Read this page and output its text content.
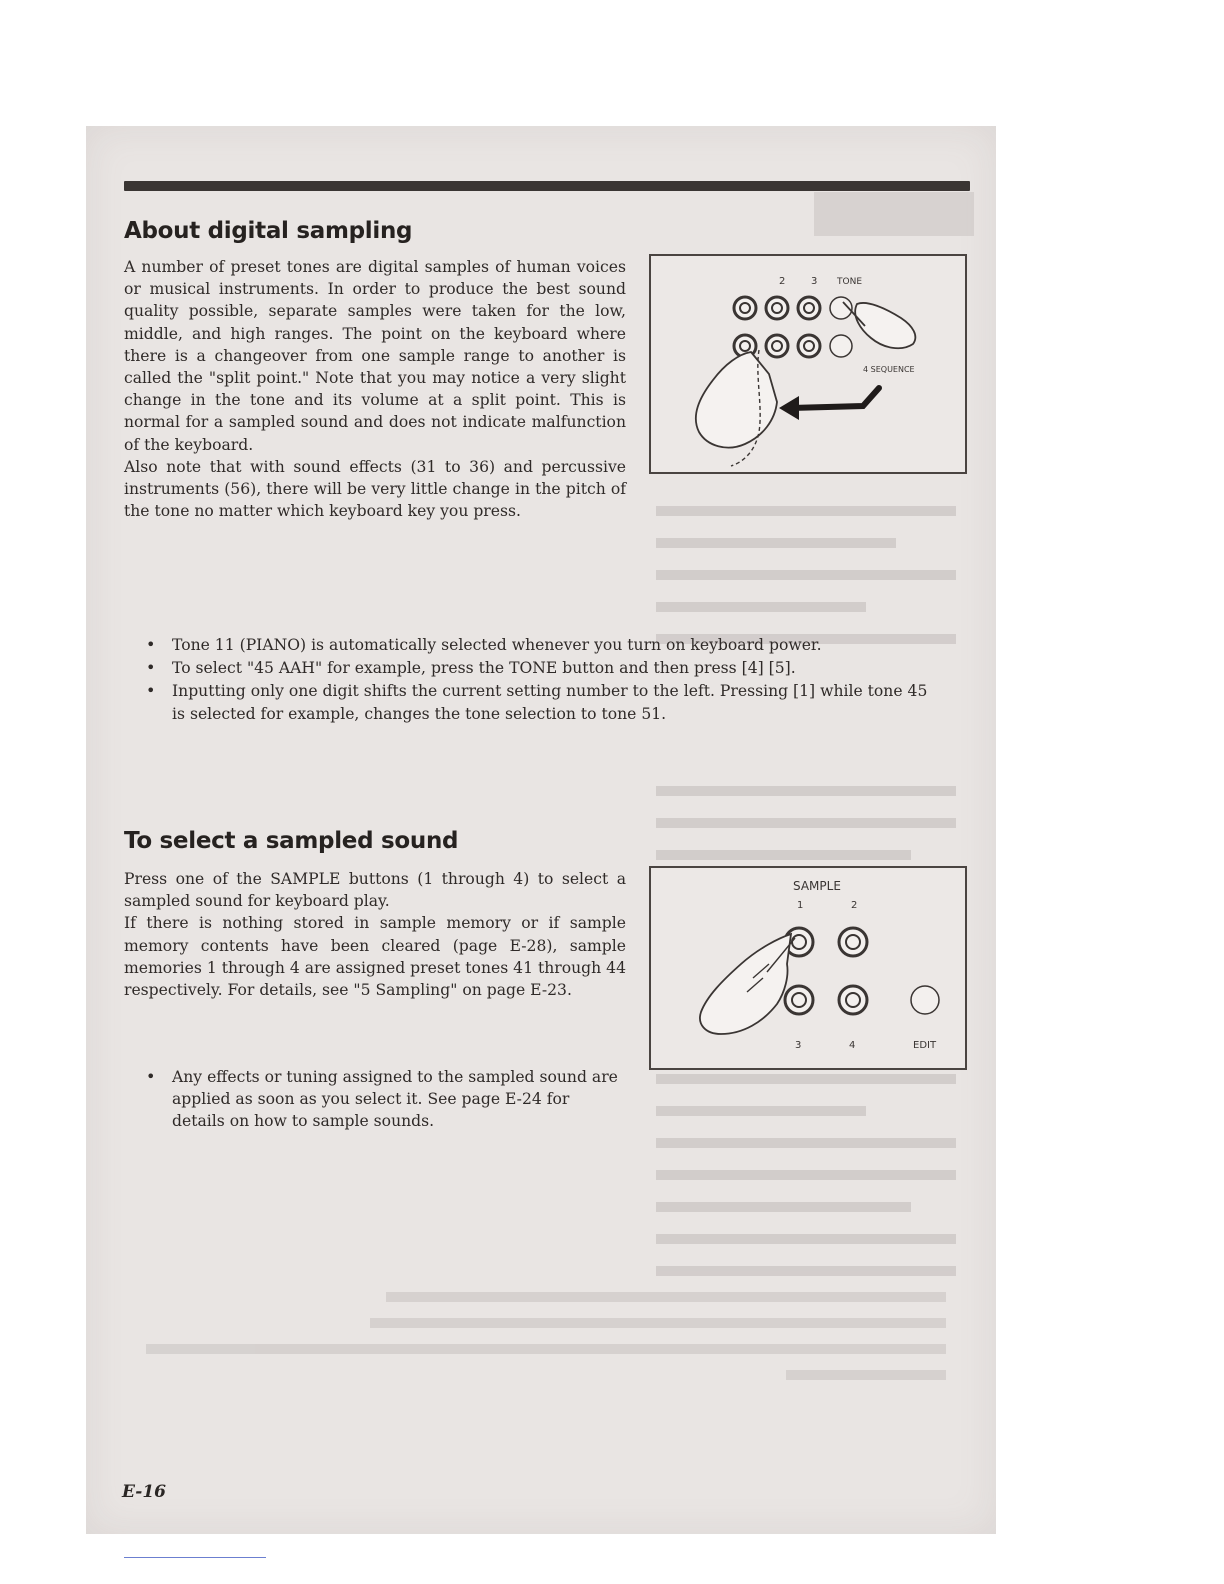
About digital sampling

A number of preset tones are digital samples of human voices or musical instruments. In order to produce the best sound quality possible, separate samples were taken for the low, middle, and high ranges. The point on the keyboard where there is a changeover from one sample range to another is called the "split point." Note that you may notice a very slight change in the tone and its volume at a split point. This is normal for a sampled sound and does not indicate malfunction of the keyboard.

Also note that with sound effects (31 to 36) and percussive instruments (56), there will be very little change in the pitch of the tone no matter which keyboard key you press.

• Tone 11 (PIANO) is automatically selected whenever you turn on keyboard power.
• To select "45 AAH" for example, press the TONE button and then press [4] [5].
• Inputting only one digit shifts the current setting number to the left. Pressing [1] while tone 45 is selected for example, changes the tone selection to tone 51.
2	3 TONE
4 SEQUENCE
To select a sampled sound

Press one of the SAMPLE buttons (1 through 4) to select a sampled sound for keyboard play.

If there is nothing stored in sample memory or if sample memory contents have been cleared (page E-28), sample memories 1 through 4 are assigned preset tones 41 through 44 respectively. For details, see "5 Sampling" on page E-23.

• Any effects or tuning assigned to the sampled sound are applied as soon as you select it. See page E-24 for details on how to sample sounds.
SAMPLE
1	2
3	4	EDIT
E-16
